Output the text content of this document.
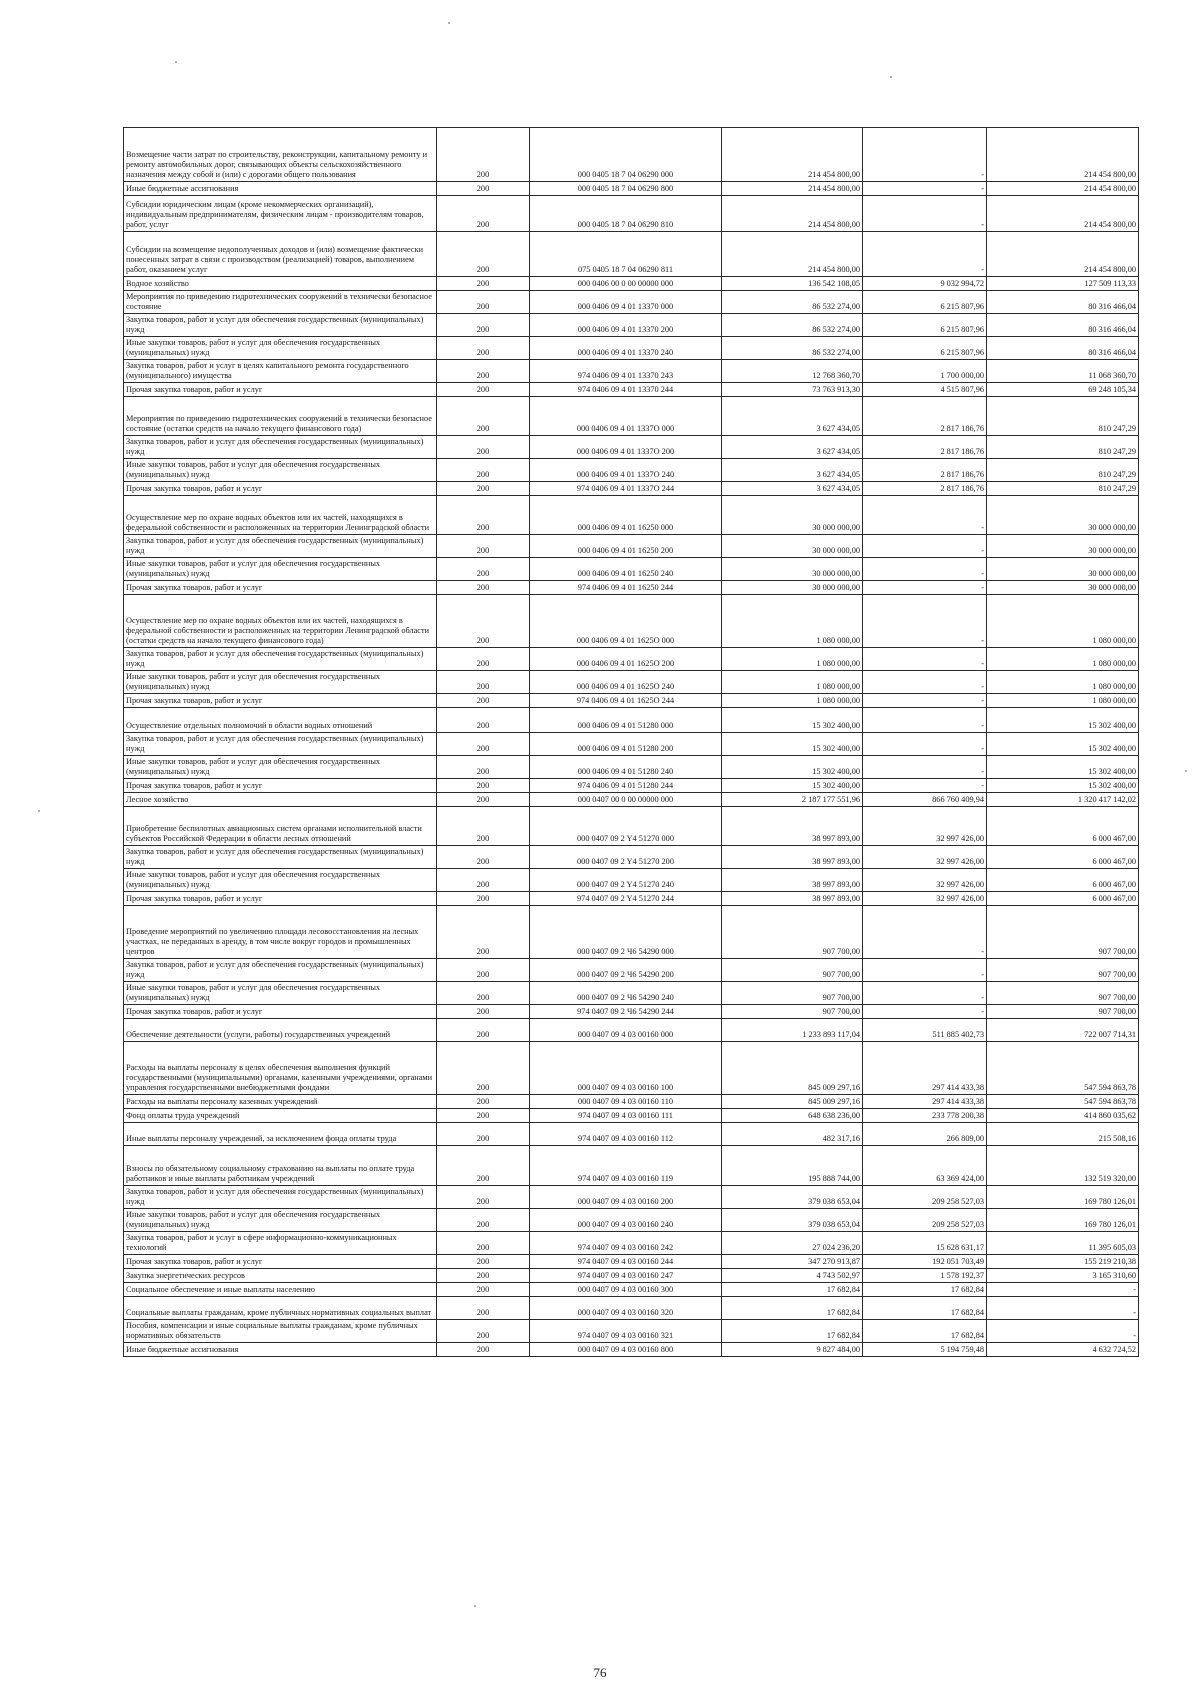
Возмещение части затрат по строительству, реконструкции, капитальному ремонту и ремонту автомобильных дорог, связывающих объекты сельскохозяйственного назначения между собой и (или) с дорогами общего пользования	200	000 0405 18 7 04 06290 000	214 454 800,00	-	214 454 800,00
Иные бюджетные ассигнования	200	000 0405 18 7 04 06290 800	214 454 800,00	-	214 454 800,00
Субсидии юридическим лицам (кроме некоммерческих организаций), индивидуальным предпринимателям, физическим лицам - производителям товаров, работ, услуг	200	000 0405 18 7 04 06290 810	214 454 800,00	-	214 454 800,00
Субсидии на возмещение недополученных доходов и (или) возмещение фактически понесенных затрат в связи с производством (реализацией) товаров, выполнением работ, оказанием услуг	200	075 0405 18 7 04 06290 811	214 454 800,00	-	214 454 800,00
Водное хозяйство	200	000 0406 00 0 00 00000 000	136 542 108,05	9 032 994,72	127 509 113,33
Мероприятия по приведению гидротехнических сооружений в технически безопасное состояние	200	000 0406 09 4 01 13370 000	86 532 274,00	6 215 807,96	80 316 466,04
Закупка товаров, работ и услуг для обеспечения государственных (муниципальных) нужд	200	000 0406 09 4 01 13370 200	86 532 274,00	6 215 807,96	80 316 466,04
Иные закупки товаров, работ и услуг для обеспечения государственных (муниципальных) нужд	200	000 0406 09 4 01 13370 240	86 532 274,00	6 215 807,96	80 316 466,04
Закупка товаров, работ и услуг в целях капитального ремонта государственного (муниципального) имущества	200	974 0406 09 4 01 13370 243	12 768 360,70	1 700 000,00	11 068 360,70
Прочая закупка товаров, работ и услуг	200	974 0406 09 4 01 13370 244	73 763 913,30	4 515 807,96	69 248 105,34
Мероприятия по приведению гидротехнических сооружений в технически безопасное состояние (остатки средств на начало текущего финансового года)	200	000 0406 09 4 01 1337О 000	3 627 434,05	2 817 186,76	810 247,29
Закупка товаров, работ и услуг для обеспечения государственных (муниципальных) нужд	200	000 0406 09 4 01 1337О 200	3 627 434,05	2 817 186,76	810 247,29
Иные закупки товаров, работ и услуг для обеспечения государственных (муниципальных) нужд	200	000 0406 09 4 01 1337О 240	3 627 434,05	2 817 186,76	810 247,29
Прочая закупка товаров, работ и услуг	200	974 0406 09 4 01 1337О 244	3 627 434,05	2 817 186,76	810 247,29
Осуществление мер по охране водных объектов или их частей, находящихся в федеральной собственности и расположенных на территории Ленинградской области	200	000 0406 09 4 01 16250 000	30 000 000,00	-	30 000 000,00
Закупка товаров, работ и услуг для обеспечения государственных (муниципальных) нужд	200	000 0406 09 4 01 16250 200	30 000 000,00	-	30 000 000,00
Иные закупки товаров, работ и услуг для обеспечения государственных (муниципальных) нужд	200	000 0406 09 4 01 16250 240	30 000 000,00	-	30 000 000,00
Прочая закупка товаров, работ и услуг	200	974 0406 09 4 01 16250 244	30 000 000,00	-	30 000 000,00
Осуществление мер по охране водных объектов или их частей, находящихся в федеральной собственности и расположенных на территории Ленинградской области (остатки средств на начало текущего финансового года)	200	000 0406 09 4 01 1625О 000	1 080 000,00	-	1 080 000,00
Закупка товаров, работ и услуг для обеспечения государственных (муниципальных) нужд	200	000 0406 09 4 01 1625О 200	1 080 000,00	-	1 080 000,00
Иные закупки товаров, работ и услуг для обеспечения государственных (муниципальных) нужд	200	000 0406 09 4 01 1625О 240	1 080 000,00	-	1 080 000,00
Прочая закупка товаров, работ и услуг	200	974 0406 09 4 01 1625О 244	1 080 000,00	-	1 080 000,00
Осуществление отдельных полномочий в области водных отношений	200	000 0406 09 4 01 51280 000	15 302 400,00	-	15 302 400,00
Закупка товаров, работ и услуг для обеспечения государственных (муниципальных) нужд	200	000 0406 09 4 01 51280 200	15 302 400,00	-	15 302 400,00
Иные закупки товаров, работ и услуг для обеспечения государственных (муниципальных) нужд	200	000 0406 09 4 01 51280 240	15 302 400,00	-	15 302 400,00
Прочая закупка товаров, работ и услуг	200	974 0406 09 4 01 51280 244	15 302 400,00	-	15 302 400,00
Лесное хозяйство	200	000 0407 00 0 00 00000 000	2 187 177 551,96	866 760 409,94	1 320 417 142,02
Приобретение беспилотных авиационных систем органами исполнительной власти субъектов Российской Федерации в области лесных отношений	200	000 0407 09 2 Y4 51270 000	38 997 893,00	32 997 426,00	6 000 467,00
Закупка товаров, работ и услуг для обеспечения государственных (муниципальных) нужд	200	000 0407 09 2 Y4 51270 200	38 997 893,00	32 997 426,00	6 000 467,00
Иные закупки товаров, работ и услуг для обеспечения государственных (муниципальных) нужд	200	000 0407 09 2 Y4 51270 240	38 997 893,00	32 997 426,00	6 000 467,00
Прочая закупка товаров, работ и услуг	200	974 0407 09 2 Y4 51270 244	38 997 893,00	32 997 426,00	6 000 467,00
Проведение мероприятий по увеличению площади лесовосстановления на лесных участках, не переданных в аренду, в том числе вокруг городов и промышленных центров	200	000 0407 09 2 Ч6 54290 000	907 700,00	-	907 700,00
Закупка товаров, работ и услуг для обеспечения государственных (муниципальных) нужд	200	000 0407 09 2 Ч6 54290 200	907 700,00	-	907 700,00
Иные закупки товаров, работ и услуг для обеспечения государственных (муниципальных) нужд	200	000 0407 09 2 Ч6 54290 240	907 700,00	-	907 700,00
Прочая закупка товаров, работ и услуг	200	974 0407 09 2 Ч6 54290 244	907 700,00	-	907 700,00
Обеспечение деятельности (услуги, работы) государственных учреждений	200	000 0407 09 4 03 00160 000	1 233 893 117,04	511 885 402,73	722 007 714,31
Расходы на выплаты персоналу в целях обеспечения выполнения функций государственными (муниципальными) органами, казенными учреждениями, органами управления государственными внебюджетными фондами	200	000 0407 09 4 03 00160 100	845 009 297,16	297 414 433,38	547 594 863,78
Расходы на выплаты персоналу казенных учреждений	200	000 0407 09 4 03 00160 110	845 009 297,16	297 414 433,38	547 594 863,78
Фонд оплаты труда учреждений	200	974 0407 09 4 03 00160 111	648 638 236,00	233 778 200,38	414 860 035,62
Иные выплаты персоналу учреждений, за исключением фонда оплаты труда	200	974 0407 09 4 03 00160 112	482 317,16	266 809,00	215 508,16
Взносы по обязательному социальному страхованию на выплаты по оплате труда работников и иные выплаты работникам учреждений	200	974 0407 09 4 03 00160 119	195 888 744,00	63 369 424,00	132 519 320,00
Закупка товаров, работ и услуг для обеспечения государственных (муниципальных) нужд	200	000 0407 09 4 03 00160 200	379 038 653,04	209 258 527,03	169 780 126,01
Иные закупки товаров, работ и услуг для обеспечения государственных (муниципальных) нужд	200	000 0407 09 4 03 00160 240	379 038 653,04	209 258 527,03	169 780 126,01
Закупка товаров, работ и услуг в сфере информационно-коммуникационных технологий	200	974 0407 09 4 03 00160 242	27 024 236,20	15 628 631,17	11 395 605,03
Прочая закупка товаров, работ и услуг	200	974 0407 09 4 03 00160 244	347 270 913,87	192 051 703,49	155 219 210,38
Закупка энергетических ресурсов	200	974 0407 09 4 03 00160 247	4 743 502,97	1 578 192,37	3 165 310,60
Социальное обеспечение и иные выплаты населению	200	000 0407 09 4 03 00160 300	17 682,84	17 682,84	-
Социальные выплаты гражданам, кроме публичных нормативных социальных выплат	200	000 0407 09 4 03 00160 320	17 682,84	17 682,84	-
Пособия, компенсации и иные социальные выплаты гражданам, кроме публичных нормативных обязательств	200	974 0407 09 4 03 00160 321	17 682,84	17 682,84	-
Иные бюджетные ассигнования	200	000 0407 09 4 03 00160 800	9 827 484,00	5 194 759,48	4 632 724,52
76
